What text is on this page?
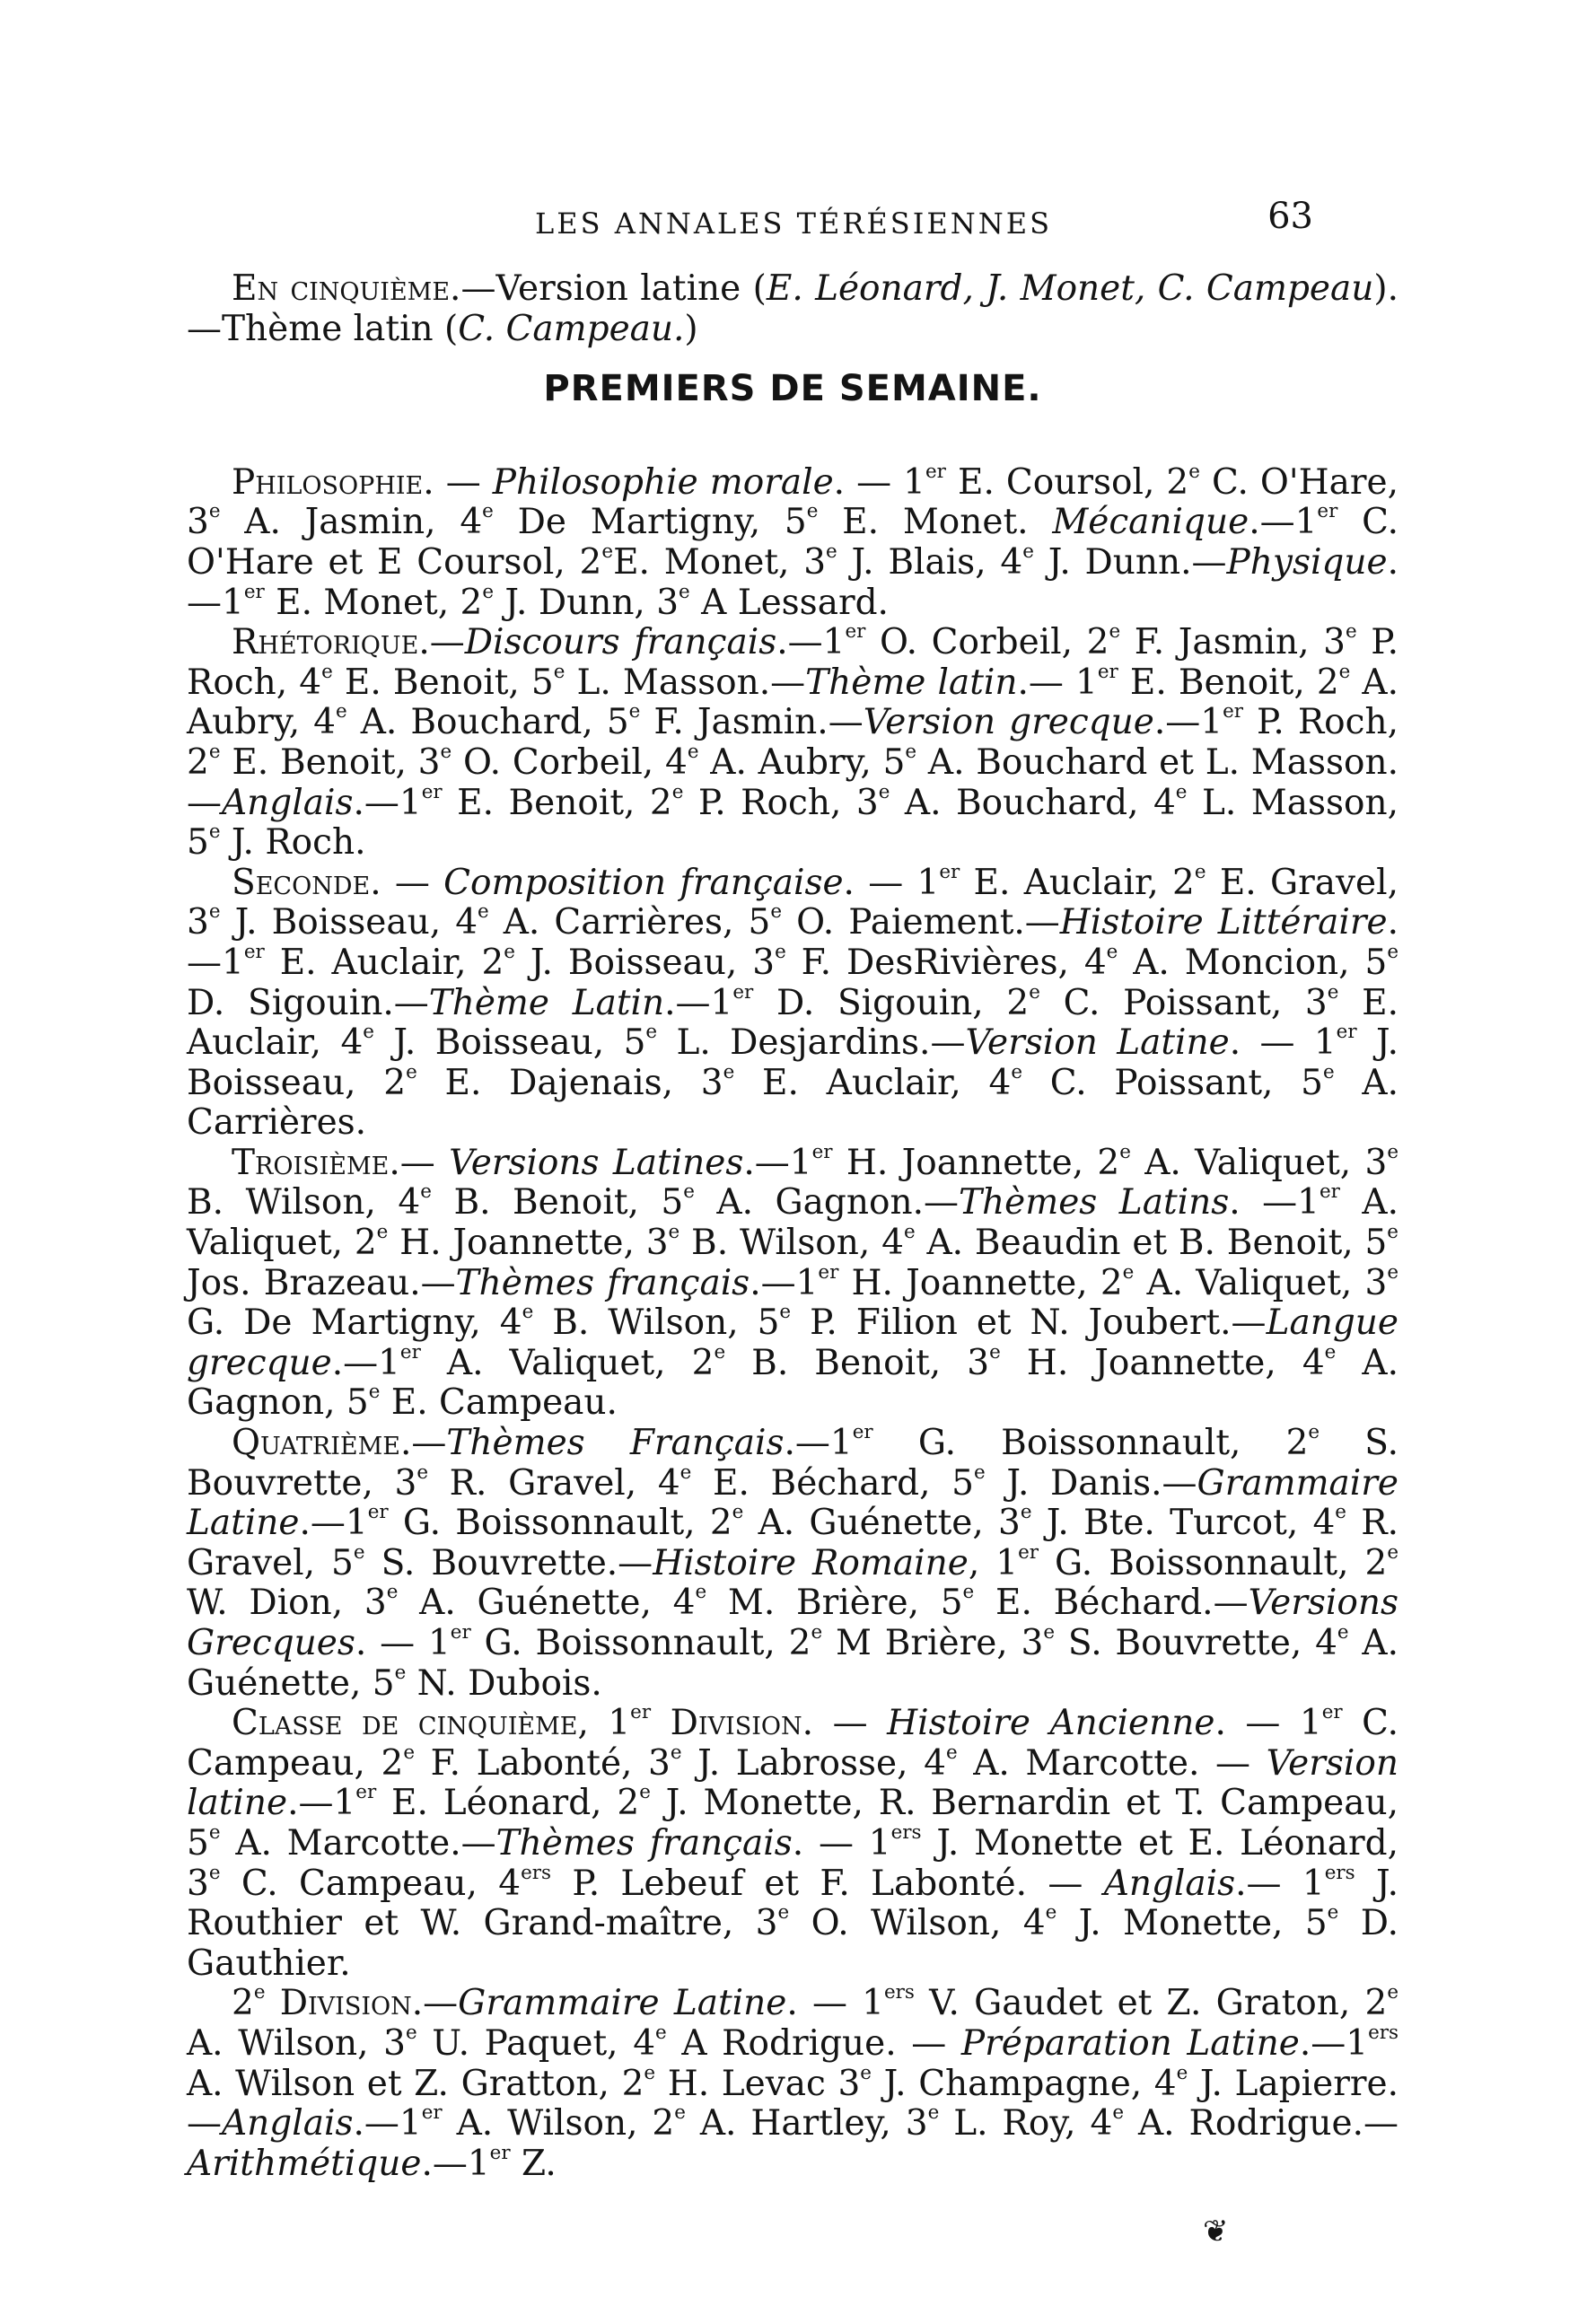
LES ANNALES TÉRÉSIENNES	63

En cinquième.—Version latine (E. Léonard, J. Monet, C. Campeau).—Thème latin (C. Campeau.)

PREMIERS DE SEMAINE.

Philosophie. — Philosophie morale. — 1er E. Coursol, 2e C. O'Hare, 3e A. Jasmin, 4e De Martigny, 5e E. Monet. Mécanique.—1er C. O'Hare et E Coursol, 2eE. Monet, 3e J. Blais, 4e J. Dunn.—Physique.—1er E. Monet, 2e J. Dunn, 3e A Lessard.

Rhétorique.—Discours français.—1er O. Corbeil, 2e F. Jasmin, 3e P. Roch, 4e E. Benoit, 5e L. Masson.—Thème latin.— 1er E. Benoit, 2e A. Aubry, 4e A. Bouchard, 5e F. Jasmin.—Version grecque.—1er P. Roch, 2e E. Benoit, 3e O. Corbeil, 4e A. Aubry, 5e A. Bouchard et L. Masson.—Anglais.—1er E. Benoit, 2e P. Roch, 3e A. Bouchard, 4e L. Masson, 5e J. Roch.

Seconde. — Composition française. — 1er E. Auclair, 2e E. Gravel, 3e J. Boisseau, 4e A. Carrières, 5e O. Paiement.—Histoire Littéraire.—1er E. Auclair, 2e J. Boisseau, 3e F. DesRivières, 4e A. Moncion, 5e D. Sigouin.—Thème Latin.—1er D. Sigouin, 2e C. Poissant, 3e E. Auclair, 4e J. Boisseau, 5e L. Desjardins.—Version Latine. — 1er J. Boisseau, 2e E. Dajenais, 3e E. Auclair, 4e C. Poissant, 5e A. Carrières.

Troisième.— Versions Latines.—1er H. Joannette, 2e A. Valiquet, 3e B. Wilson, 4e B. Benoit, 5e A. Gagnon.—Thèmes Latins. —1er A. Valiquet, 2e H. Joannette, 3e B. Wilson, 4e A. Beaudin et B. Benoit, 5e Jos. Brazeau.—Thèmes français.—1er H. Joannette, 2e A. Valiquet, 3e G. De Martigny, 4e B. Wilson, 5e P. Filion et N. Joubert.—Langue grecque.—1er A. Valiquet, 2e B. Benoit, 3e H. Joannette, 4e A. Gagnon, 5e E. Campeau.

Quatrième.—Thèmes Français.—1er G. Boissonnault, 2e S. Bouvrette, 3e R. Gravel, 4e E. Béchard, 5e J. Danis.—Grammaire Latine.—1er G. Boissonnault, 2e A. Guénette, 3e J. Bte. Turcot, 4e R. Gravel, 5e S. Bouvrette.—Histoire Romaine, 1er G. Boissonnault, 2e W. Dion, 3e A. Guénette, 4e M. Brière, 5e E. Béchard.—Versions Grecques. — 1er G. Boissonnault, 2e M Brière, 3e S. Bouvrette, 4e A. Guénette, 5e N. Dubois.

Classe de cinquième, 1er Division. — Histoire Ancienne. — 1er C. Campeau, 2e F. Labonté, 3e J. Labrosse, 4e A. Marcotte. — Version latine.—1er E. Léonard, 2e J. Monette, R. Bernardin et T. Campeau, 5e A. Marcotte.—Thèmes français. — 1ers J. Monette et E. Léonard, 3e C. Campeau, 4ers P. Lebeuf et F. Labonté. — Anglais.— 1ers J. Routhier et W. Grand-maître, 3e O. Wilson, 4e J. Monette, 5e D. Gauthier.

2e Division.—Grammaire Latine. — 1ers V. Gaudet et Z. Graton, 2e A. Wilson, 3e U. Paquet, 4e A Rodrigue. — Préparation Latine.—1ers A. Wilson et Z. Gratton, 2e H. Levac 3e J. Champagne, 4e J. Lapierre.—Anglais.—1er A. Wilson, 2e A. Hartley, 3e L. Roy, 4e A. Rodrigue.—Arithmétique.—1er Z.

❦
